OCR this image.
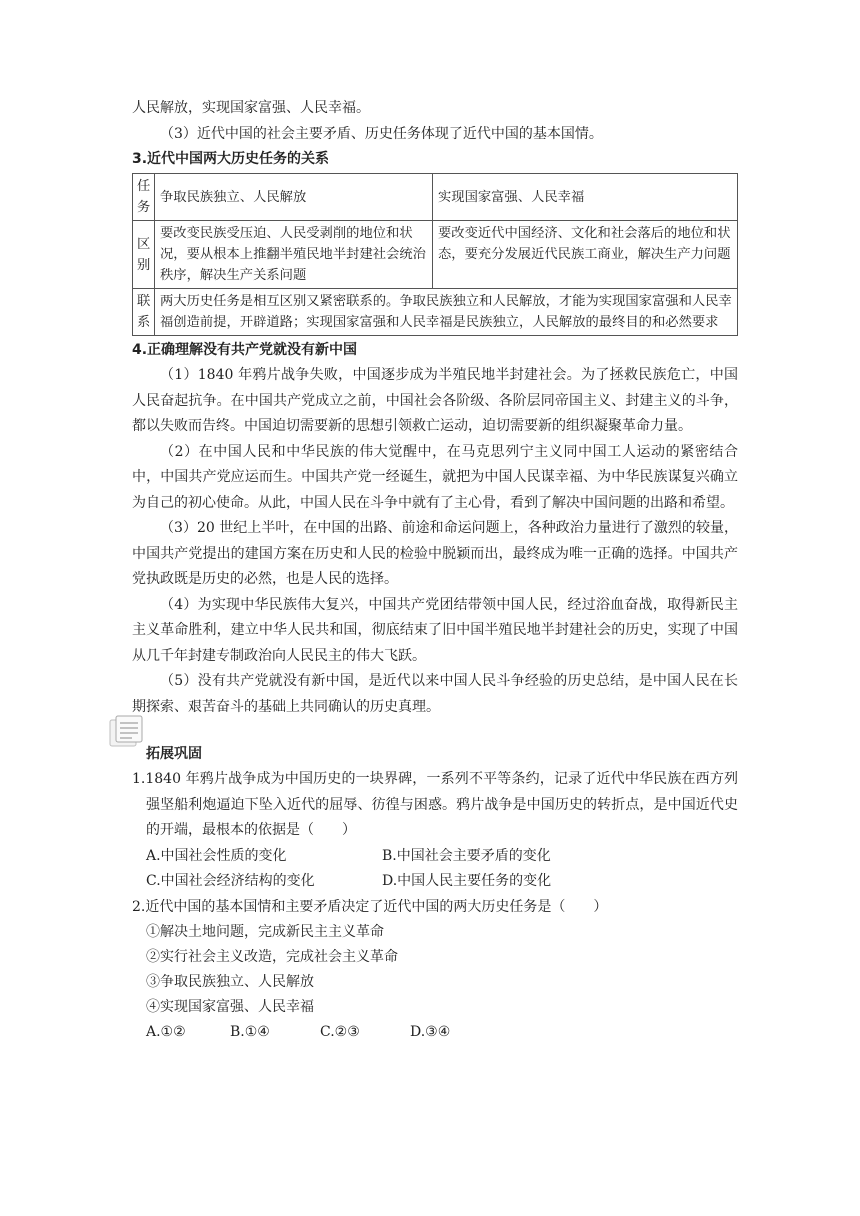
人民解放，实现国家富强、人民幸福。
（3）近代中国的社会主要矛盾、历史任务体现了近代中国的基本国情。
3.近代中国两大历史任务的关系
任
务	争取民族独立、人民解放	实现国家富强、人民幸福

区
别	要改变民族受压迫、人民受剥削的地位和状况，要从根本上推翻半殖民地半封建社会统治秩序，解决生产关系问题	要改变近代中国经济、文化和社会落后的地位和状态，要充分发展近代民族工商业，解决生产力问题

联
系	两大历史任务是相互区别又紧密联系的。争取民族独立和人民解放，才能为实现国家富强和人民幸福创造前提，开辟道路；实现国家富强和人民幸福是民族独立，人民解放的最终目的和必然要求	
4.正确理解没有共产党就没有新中国

（1）1840 年鸦片战争失败，中国逐步成为半殖民地半封建社会。为了拯救民族危亡，中国人民奋起抗争。在中国共产党成立之前，中国社会各阶级、各阶层同帝国主义、封建主义的斗争，都以失败而告终。中国迫切需要新的思想引领救亡运动，迫切需要新的组织凝聚革命力量。

（2）在中国人民和中华民族的伟大觉醒中，在马克思列宁主义同中国工人运动的紧密结合中，中国共产党应运而生。中国共产党一经诞生，就把为中国人民谋幸福、为中华民族谋复兴确立为自己的初心使命。从此，中国人民在斗争中就有了主心骨，看到了解决中国问题的出路和希望。

（3）20 世纪上半叶，在中国的出路、前途和命运问题上，各种政治力量进行了激烈的较量，中国共产党提出的建国方案在历史和人民的检验中脱颖而出，最终成为唯一正确的选择。中国共产党执政既是历史的必然，也是人民的选择。

（4）为实现中华民族伟大复兴，中国共产党团结带领中国人民，经过浴血奋战，取得新民主主义革命胜利，建立中华人民共和国，彻底结束了旧中国半殖民地半封建社会的历史，实现了中国从几千年封建专制政治向人民民主的伟大飞跃。

（5）没有共产党就没有新中国，是近代以来中国人民斗争经验的历史总结，是中国人民在长期探索、艰苦奋斗的基础上共同确认的历史真理。

拓展巩固

1.1840 年鸦片战争成为中国历史的一块界碑，一系列不平等条约，记录了近代中华民族在西方列强坚船利炮逼迫下坠入近代的屈辱、彷徨与困惑。鸦片战争是中国历史的转折点，是中国近代史的开端，最根本的依据是（　　）

A.中国社会性质的变化	B.中国社会主要矛盾的变化
C.中国社会经济结构的变化	D.中国人民主要任务的变化
2.近代中国的基本国情和主要矛盾决定了近代中国的两大历史任务是（　　）
①解决土地问题，完成新民主主义革命
②实行社会主义改造，完成社会主义革命
③争取民族独立、人民解放
④实现国家富强、人民幸福
A.①②	B.①④	C.②③	D.③④
